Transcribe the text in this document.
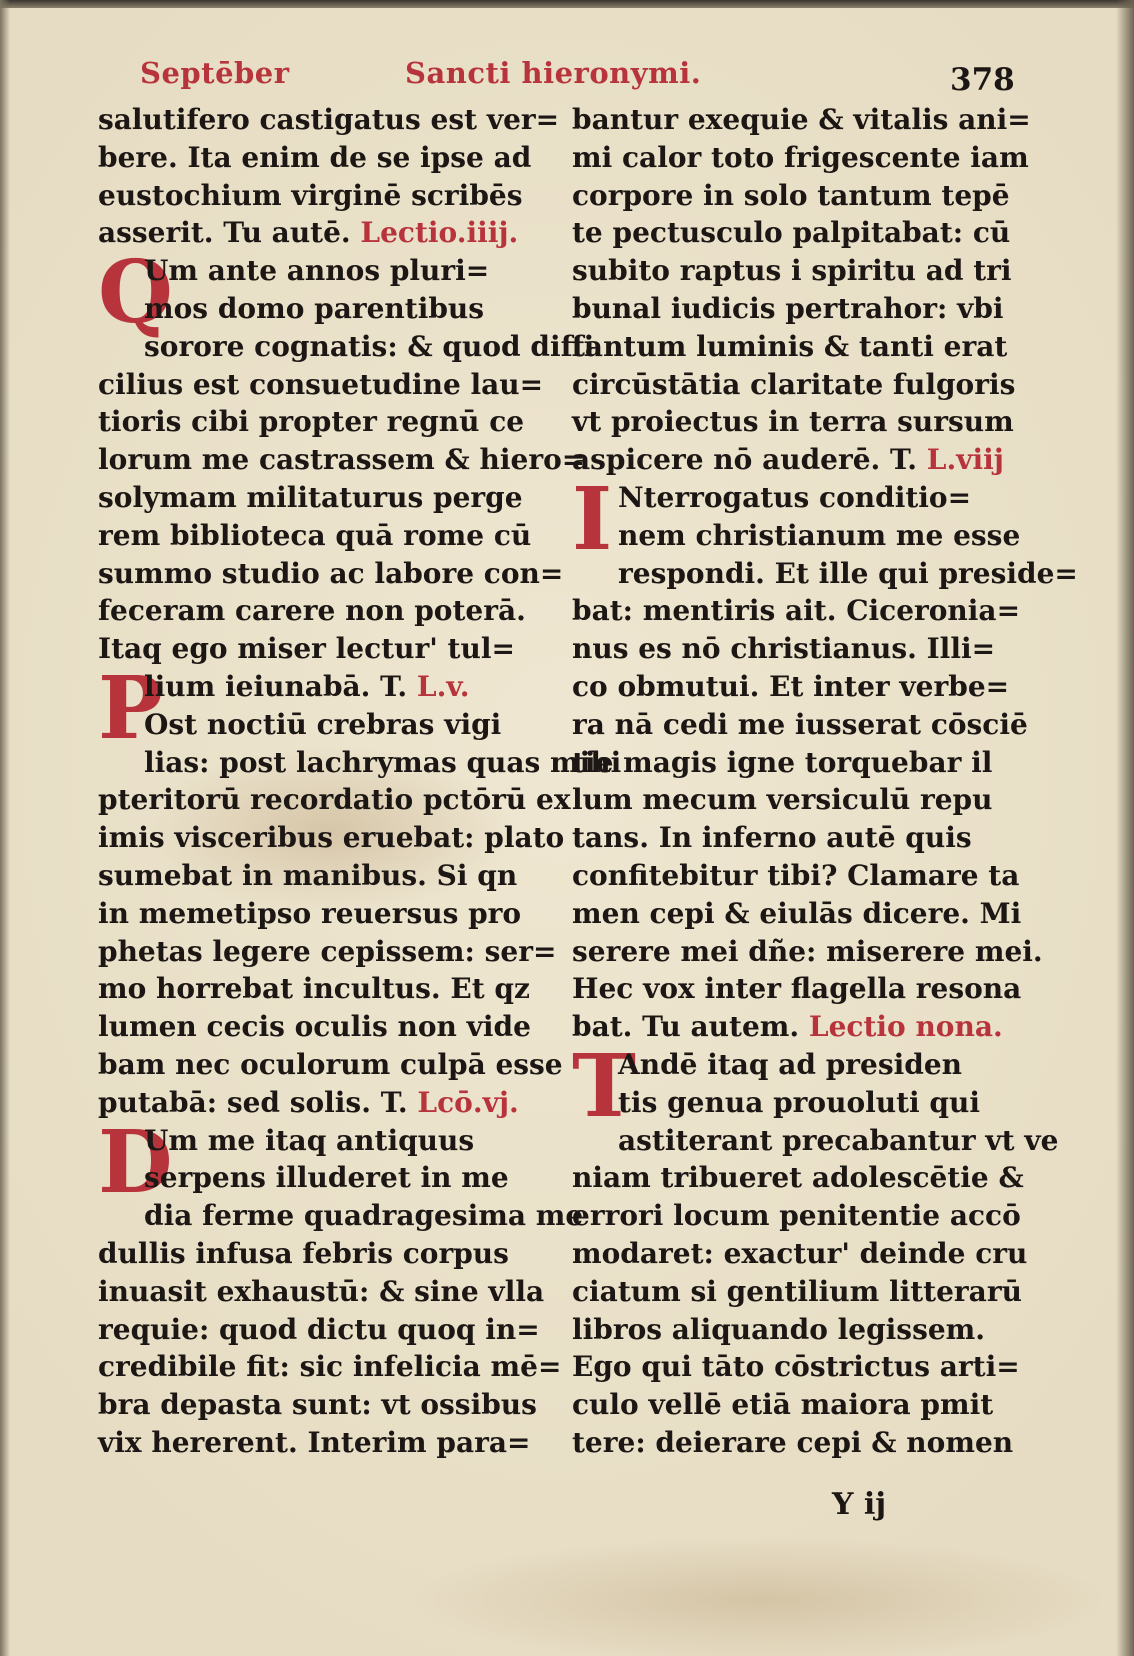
Septēber	Sancti hieronymi.	378
salutifero castigatus est ver=
bere. Ita enim de se ipse ad
eustochium virginē scribēs
asserit. Tu autē. Lectio.iiij.
Q
Um ante annos pluri=
mos domo parentibus
sorore cognatis: & quod diffi
cilius est consuetudine lau=
tioris cibi propter regnū ce
lorum me castrassem & hiero=
solymam militaturus perge
rem biblioteca quā rome cū
summo studio ac labore con=
feceram carere non poterā.
Itaq ego miser lectur' tul=
P
lium ieiunabā. T. L.v.
Ost noctiū crebras vigi
lias: post lachrymas quas mihi
pteritorū recordatio pctōrū ex
imis visceribus eruebat: plato
sumebat in manibus. Si qn
in memetipso reuersus pro
phetas legere cepissem: ser=
mo horrebat incultus. Et qz
lumen cecis oculis non vide
bam nec oculorum culpā esse
putabā: sed solis. T. Lcō.vj.
D
Um me itaq antiquus
serpens illuderet in me
dia ferme quadragesima me
dullis infusa febris corpus
inuasit exhaustū: & sine vlla
requie: quod dictu quoq in=
credibile fit: sic infelicia mē=
bra depasta sunt: vt ossibus
vix hererent. Interim para=
bantur exequie & vitalis ani=
mi calor toto frigescente iam
corpore in solo tantum tepē
te pectusculo palpitabat: cū
subito raptus i spiritu ad tri
bunal iudicis pertrahor: vbi
tantum luminis & tanti erat
circūstātia claritate fulgoris
vt proiectus in terra sursum
aspicere nō auderē. T. L.viij
I Nterrogatus conditio=
nem christianum me esse
respondi. Et ille qui preside=
bat: mentiris ait. Ciceronia=
nus es nō christianus. Illi=
co obmutui. Et inter verbe=
ra nā cedi me iusserat cōsciē
tie magis igne torquebar il
lum mecum versiculū repu
tans. In inferno autē quis
confitebitur tibi? Clamare ta
men cepi & eiulās dicere. Mi
serere mei dñe: miserere mei.
Hec vox inter flagella resona
bat. Tu autem. Lectio nona.
T
Andē itaq ad presiden
tis genua prouoluti qui
astiterant precabantur vt ve
niam tribueret adolescētie &
errori locum penitentie accō
modaret: exactur' deinde cru
ciatum si gentilium litterarū
libros aliquando legissem.
Ego qui tāto cōstrictus arti=
culo vellē etiā maiora pmit
tere: deierare cepi & nomen
Y ij
